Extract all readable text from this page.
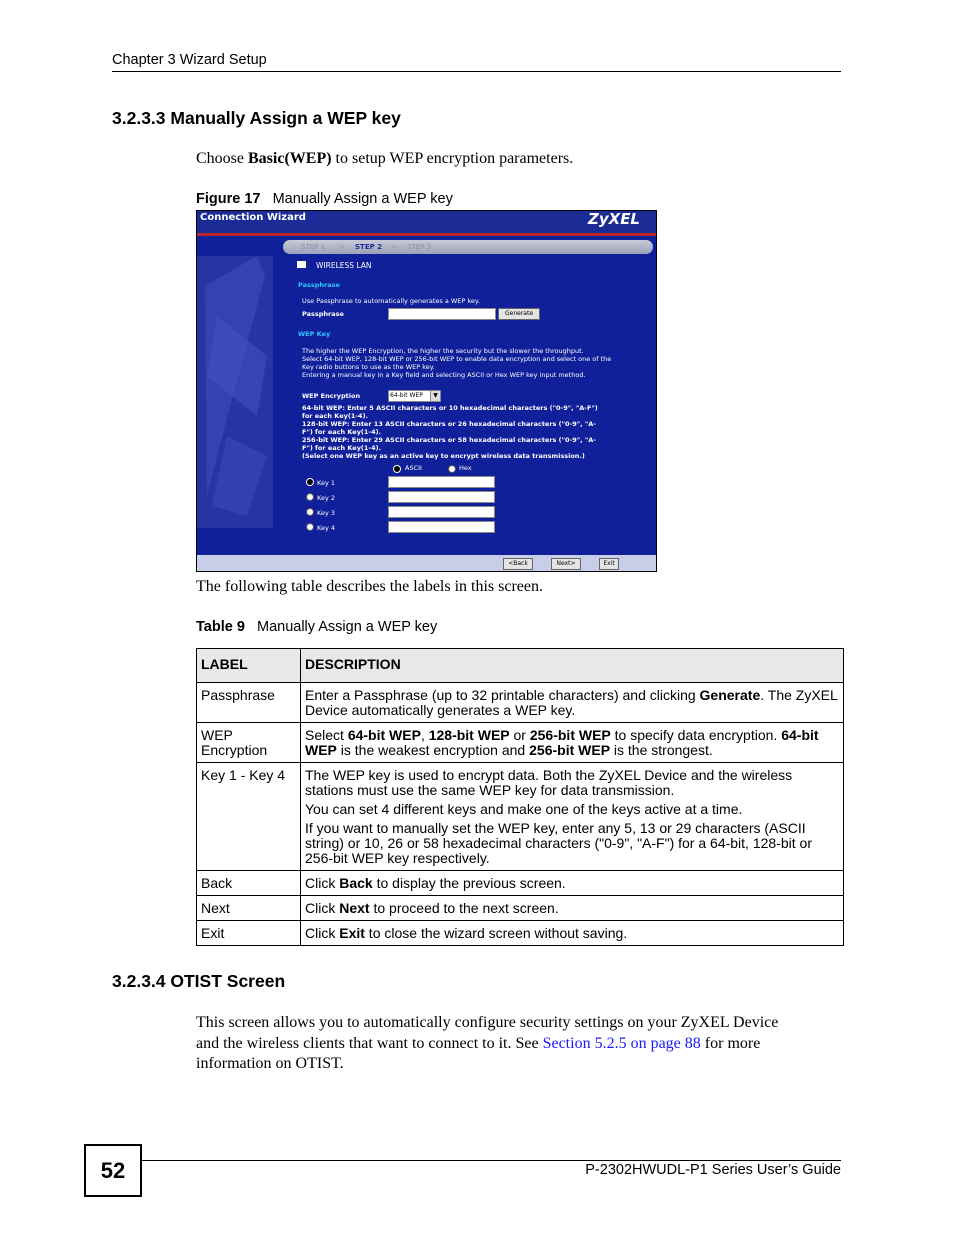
Chapter 3 Wizard Setup
3.2.3.3 Manually Assign a WEP key
Choose Basic(WEP) to setup WEP encryption parameters.
Figure 17 Manually Assign a WEP key
Connection Wizard	ZyXEL
STEP 1 > STEP 2 > STEP 3
WIRELESS LAN
Passphrase
Use Passphrase to automatically generates a WEP key.
Passphrase	Generate
WEP Key
The higher the WEP Encryption, the higher the security but the slower the throughput.
Select 64-bit WEP, 128-bit WEP or 256-bit WEP to enable data encryption and select one of the
Key radio buttons to use as the WEP key.
Entering a manual key in a Key field and selecting ASCII or Hex WEP key input method.
WEP Encryption	64-bit WEP	▼
64-bit WEP: Enter 5 ASCII characters or 10 hexadecimal characters ("0-9", "A-F")
for each Key(1-4).
128-bit WEP: Enter 13 ASCII characters or 26 hexadecimal characters ("0-9", "A-
F") for each Key(1-4).
256-bit WEP: Enter 29 ASCII characters or 58 hexadecimal characters ("0-9", "A-
F") for each Key(1-4).
(Select one WEP key as an active key to encrypt wireless data transmission.)
ASCII	Hex
Key 1
Key 2
Key 3
Key 4
<Back	Next>	Exit
The following table describes the labels in this screen.
Table 9 Manually Assign a WEP key
LABEL	DESCRIPTION
Passphrase	Enter a Passphrase (up to 32 printable characters) and clicking Generate. The ZyXEL Device automatically generates a WEP key.
WEP
Encryption	Select 64-bit WEP, 128-bit WEP or 256-bit WEP to specify data encryption. 64-bit WEP is the weakest encryption and 256-bit WEP is the strongest.
Key 1 - Key 4	The WEP key is used to encrypt data. Both the ZyXEL Device and the wireless stations must use the same WEP key for data transmission.

You can set 4 different keys and make one of the keys active at a time.

If you want to manually set the WEP key, enter any 5, 13 or 29 characters (ASCII string) or 10, 26 or 58 hexadecimal characters ("0-9", "A-F") for a 64-bit, 128-bit or 256-bit WEP key respectively.

Back	Click Back to display the previous screen.
Next	Click Next to proceed to the next screen.
Exit	Click Exit to close the wizard screen without saving.
3.2.3.4 OTIST Screen
This screen allows you to automatically configure security settings on your ZyXEL Device
and the wireless clients that want to connect to it. See Section 5.2.5 on page 88 for more
information on OTIST.
52	P-2302HWUDL-P1 Series User’s Guide
